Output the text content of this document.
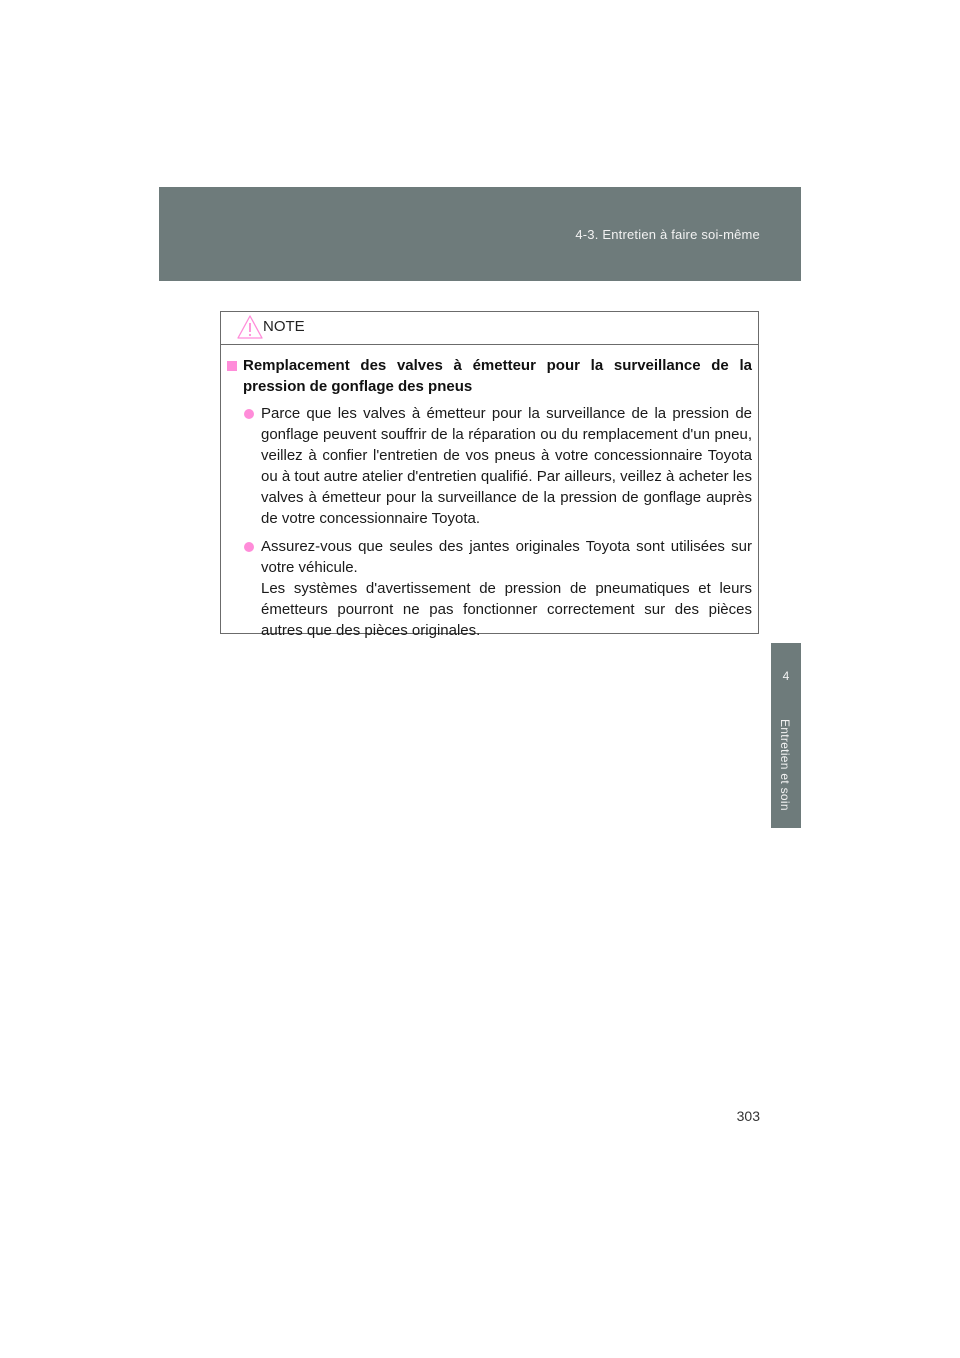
4-3. Entretien à faire soi-même
4
Entretien et soin
NOTE

Remplacement des valves à émetteur pour la surveillance de la pression de gonflage des pneus

Parce que les valves à émetteur pour la surveillance de la pression de gonflage peuvent souffrir de la réparation ou du remplacement d'un pneu, veillez à confier l'entretien de vos pneus à votre concessionnaire Toyota ou à tout autre atelier d'entretien qualifié. Par ailleurs, veillez à acheter les valves à émetteur pour la surveillance de la pression de gonflage auprès de votre concessionnaire Toyota.

Assurez-vous que seules des jantes originales Toyota sont utilisées sur votre véhicule.

Les systèmes d'avertissement de pression de pneumatiques et leurs émetteurs pourront ne pas fonctionner correctement sur des pièces autres que des pièces originales.

303
